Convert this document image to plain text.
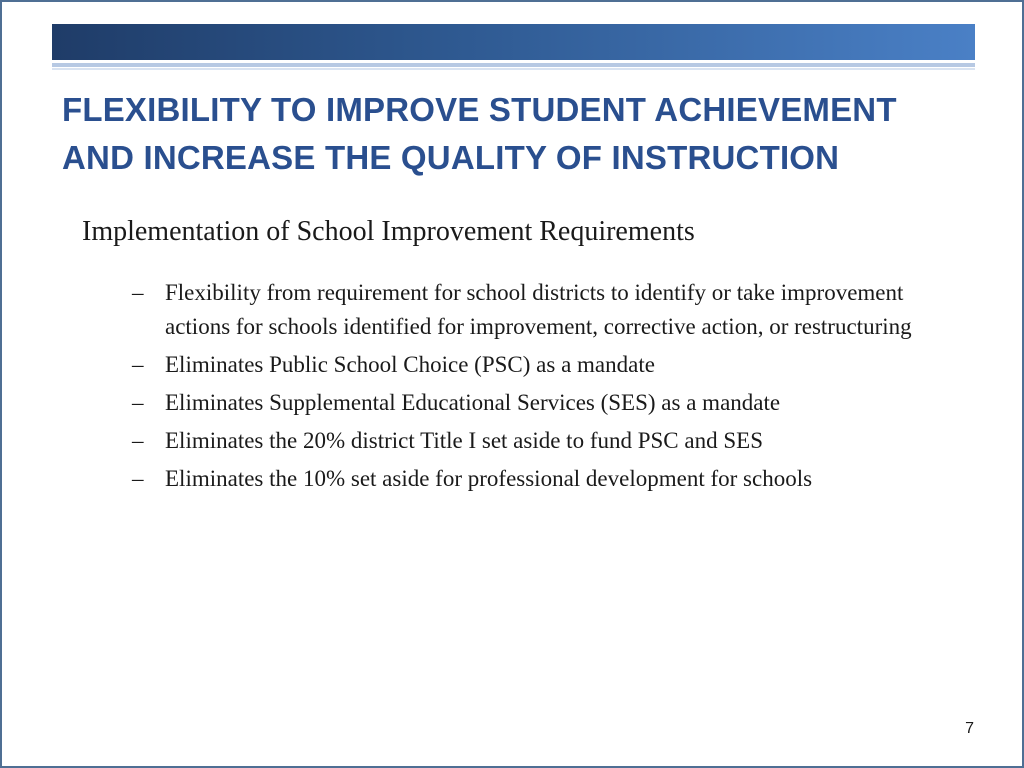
FLEXIBILITY TO IMPROVE STUDENT ACHIEVEMENT
AND INCREASE THE QUALITY OF INSTRUCTION

Implementation of School Improvement Requirements

– Flexibility from requirement for school districts to identify or take improvement actions for schools identified for improvement, corrective action, or restructuring
– Eliminates Public School Choice (PSC) as a mandate
– Eliminates Supplemental Educational Services (SES) as a mandate
– Eliminates the 20% district Title I set aside to fund PSC and SES
– Eliminates the 10% set aside for professional development for schools
7
